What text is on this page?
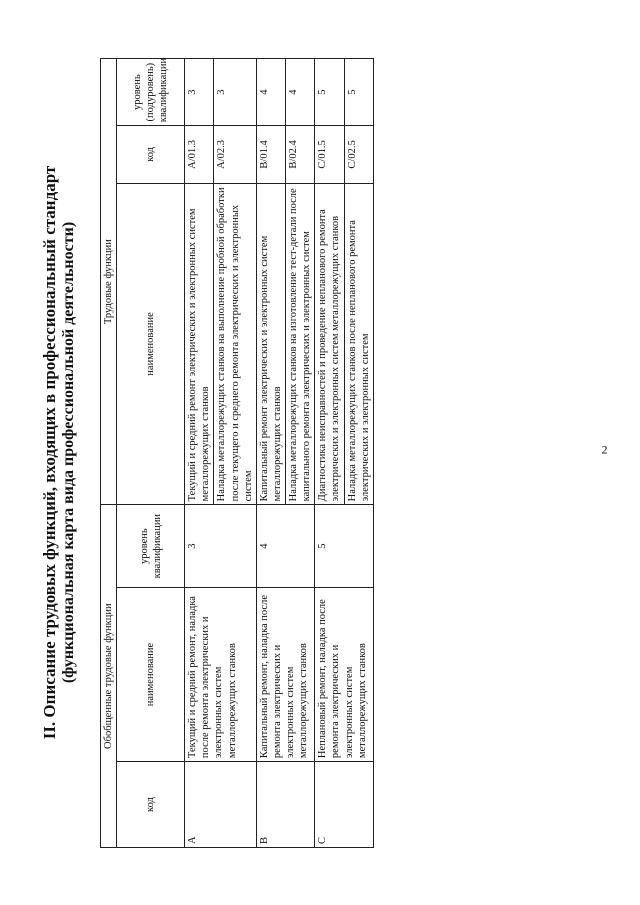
2
II. Описание трудовых функций, входящих в профессиональный стандарт (функциональная карта вида профессиональной деятельности) Обобщенные трудовые функции			Трудовые функции		
код	наименование	уровень квалификации	наименование	код	уровень (подуровень) квалификации
A	Текущий и средний ремонт, наладка после ремонта электрических и электронных систем металлорежущих станков	3	Текущий и средний ремонт электрических и электронных систем металлорежущих станков	A/01.3	3
			Наладка металлорежущих станков на выполнение пробной обработки после текущего и среднего ремонта электрических и электронных систем	A/02.3	3
B	Капитальный ремонт, наладка после ремонта электрических и электронных систем металлорежущих станков	4	Капитальный ремонт электрических и электронных систем металлорежущих станков	B/01.4	4
			Наладка металлорежущих станков на изготовление тест-детали после капитального ремонта электрических и электронных систем	B/02.4	4
C	Неплановый ремонт, наладка после ремонта электрических и электронных систем металлорежущих станков	5	Диагностика неисправностей и проведение непланового ремонта электрических и электронных систем металлорежущих станков	C/01.5	5
			Наладка металлорежущих станков после непланового ремонта электрических и электронных систем	C/02.5	5
